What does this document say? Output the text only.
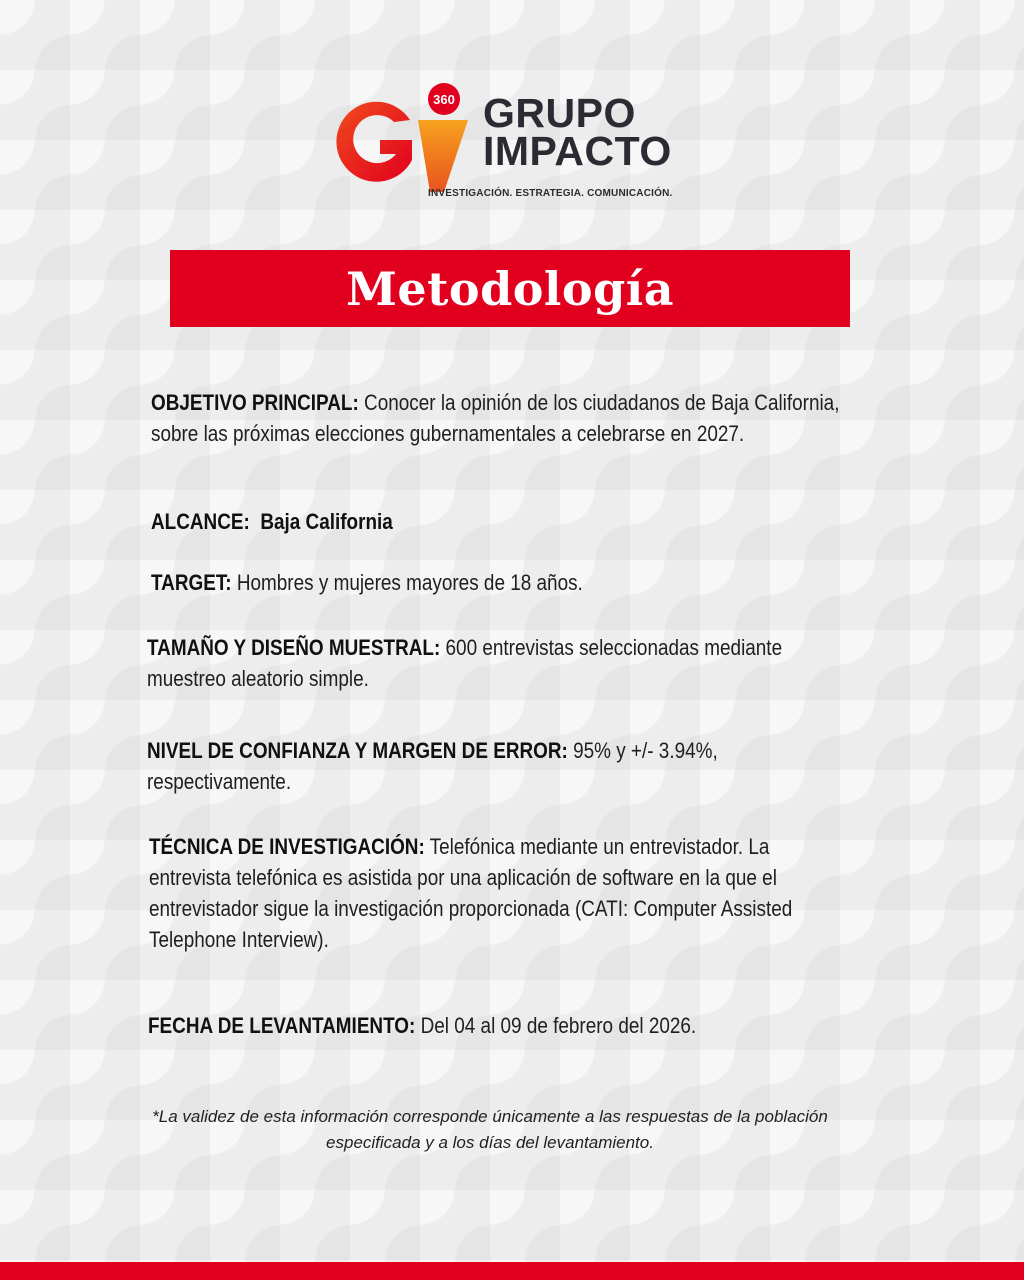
360 GRUPO
IMPACTO
INVESTIGACIÓN. ESTRATEGIA. COMUNICACIÓN.
Metodología

OBJETIVO PRINCIPAL: Conocer la opinión de los ciudadanos de Baja California, sobre las próximas elecciones gubernamentales a celebrarse en 2027.

ALCANCE:  Baja California

TARGET: Hombres y mujeres mayores de 18 años.

TAMAÑO Y DISEÑO MUESTRAL: 600 entrevistas seleccionadas mediante muestreo aleatorio simple.

NIVEL DE CONFIANZA Y MARGEN DE ERROR: 95% y +/- 3.94%, respectivamente.

TÉCNICA DE INVESTIGACIÓN: Telefónica mediante un entrevistador. La entrevista telefónica es asistida por una aplicación de software en la que el entrevistador sigue la investigación proporcionada (CATI: Computer Assisted Telephone Interview).

FECHA DE LEVANTAMIENTO: Del 04 al 09 de febrero del 2026.

*La validez de esta información corresponde únicamente a las respuestas de la población especificada y a los días del levantamiento.
